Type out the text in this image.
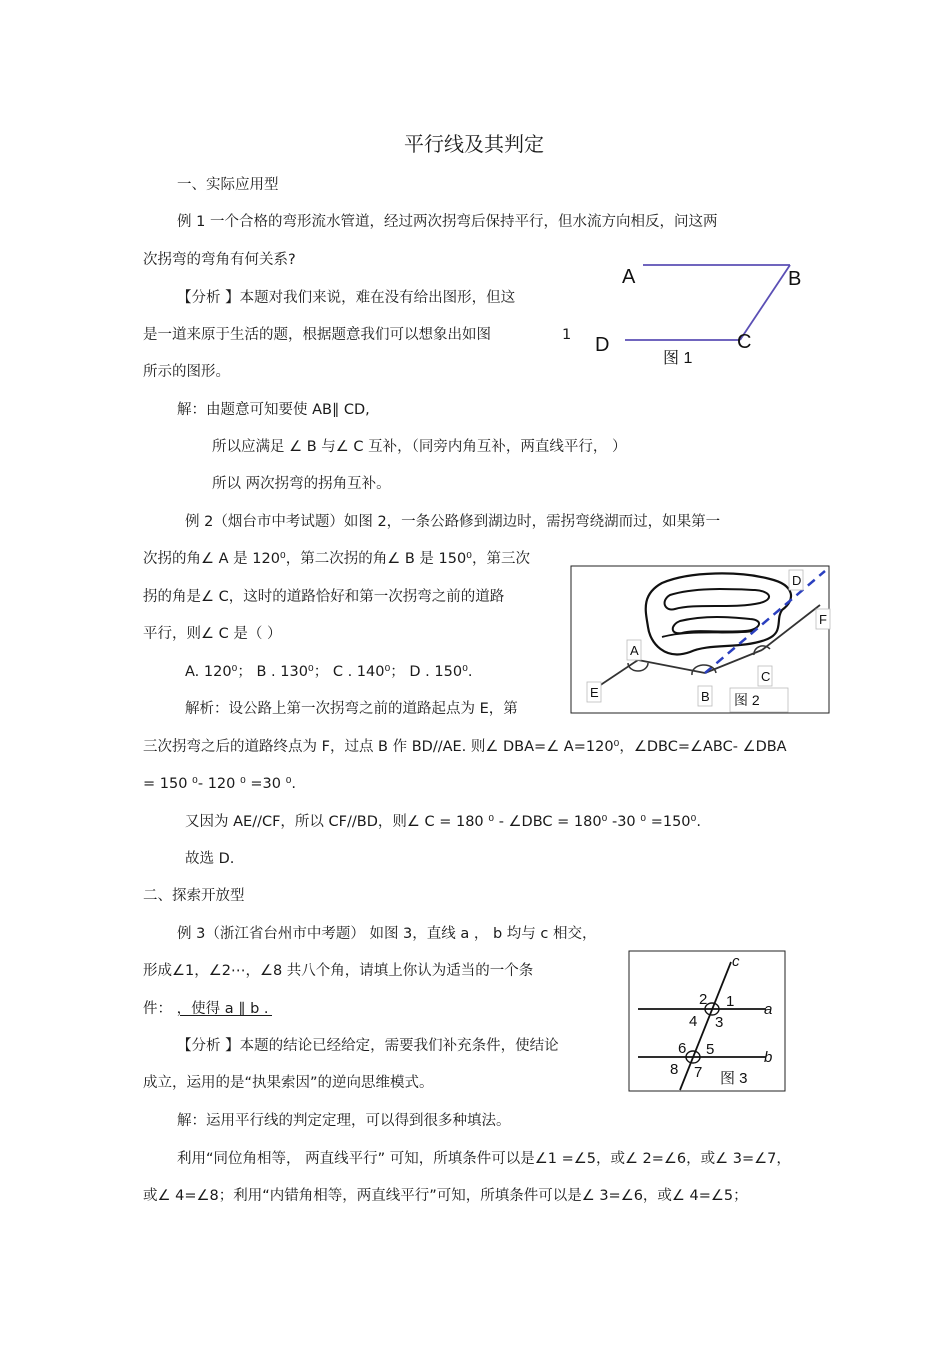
平行线及其判定
一、实际应用型
例 1 一个合格的弯形流水管道，经过两次拐弯后保持平行，但水流方向相反，问这两
次拐弯的弯角有何关系?
【分析 】本题对我们来说，难在没有给出图形，但这
是一道来原于生活的题，根据题意我们可以想象出如图	1
所示的图形。
解：由题意可知要使 AB∥ CD,
所以应满足 ∠ B 与∠ C 互补，（同旁内角互补，两直线平行， ）
所以 两次拐弯的拐角互补。
例 2（烟台市中考试题）如图 2，一条公路修到湖边时，需拐弯绕湖而过，如果第一
次拐的角∠ A 是 120⁰，第二次拐的角∠ B 是 150⁰，第三次
拐的角是∠ C，这时的道路恰好和第一次拐弯之前的道路
平行，则∠ C 是（ ）
A. 120⁰； B . 130⁰； C . 140⁰； D . 150⁰.
解析：设公路上第一次拐弯之前的道路起点为 E，第
三次拐弯之后的道路终点为 F，过点 B 作 BD//AE. 则∠ DBA=∠ A=120⁰，∠DBC=∠ABC- ∠DBA
= 150 ⁰- 120 ⁰ =30 ⁰.
又因为 AE//CF，所以 CF//BD，则∠ C = 180 ⁰ - ∠DBC = 180⁰ -30 ⁰ =150⁰.
故选 D.
二、探索开放型
例 3（浙江省台州市中考题） 如图 3，直线 a ， b 均与 c 相交，
形成∠1，∠2⋯，∠8 共八个角，请填上你认为适当的一个条
件： ，使得 a ∥ b .
【分析 】本题的结论已经给定，需要我们补充条件，使结论
成立，运用的是“执果索因”的逆向思维模式。
解：运用平行线的判定定理，可以得到很多种填法。
利用“同位角相等， 两直线平行” 可知，所填条件可以是∠1 =∠5，或∠ 2=∠6，或∠ 3=∠7，
或∠ 4=∠8；利用“内错角相等，两直线平行”可知，所填条件可以是∠ 3=∠6，或∠ 4=∠5；
A	B
C
D
图 1
A
B
C
D
E
F
图 2
c
a
b
2 1
4 3
6 5
8 7 图 3
